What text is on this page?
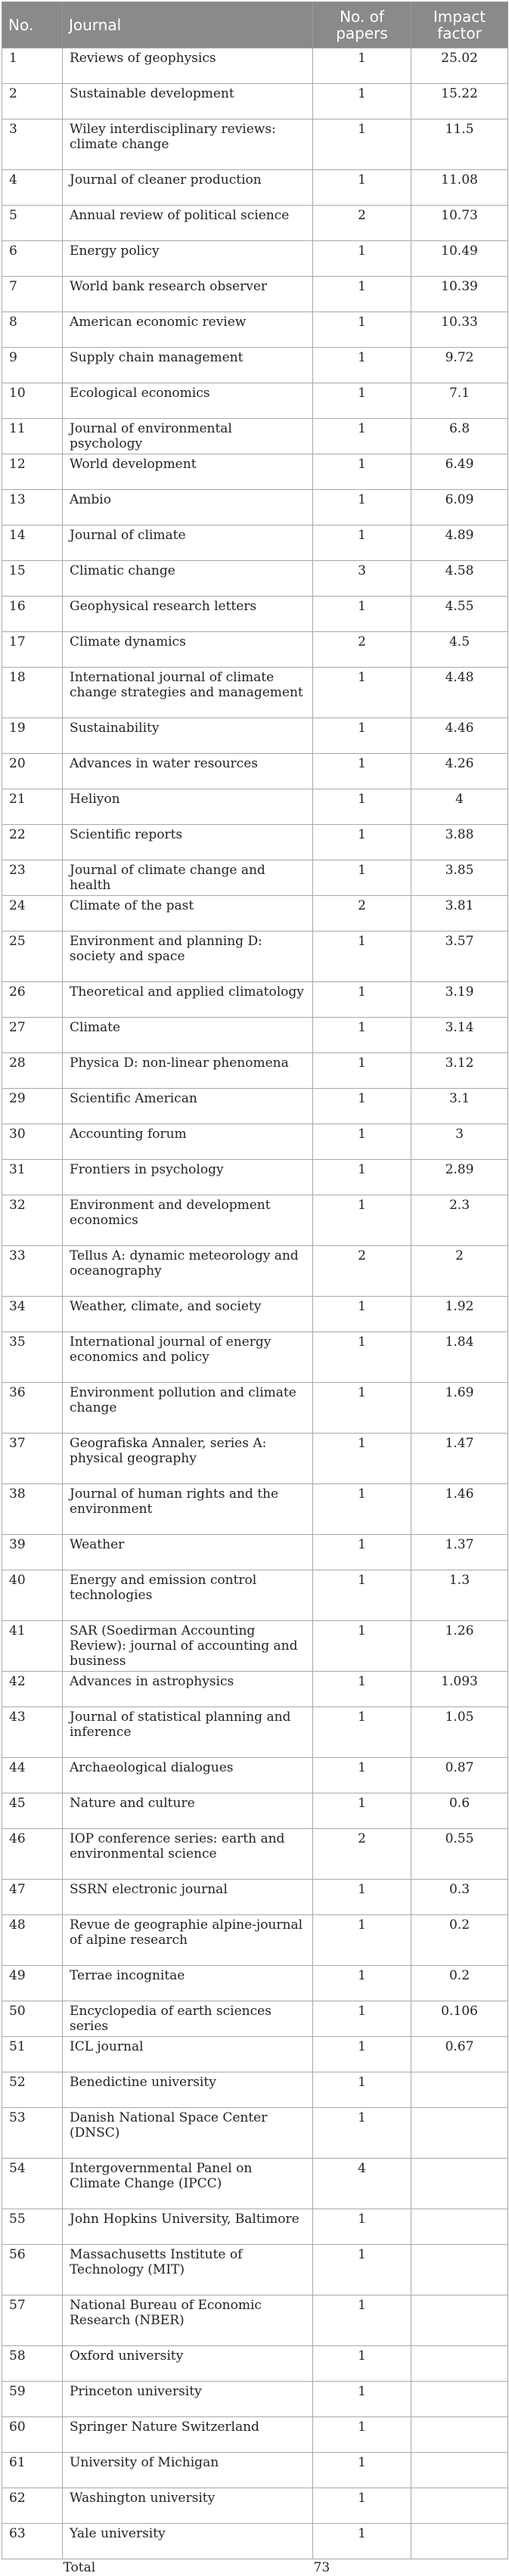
No.	Journal	No. of papers	Impact factor
1	Reviews of geophysics	1	25.02
2	Sustainable development	1	15.22
3	Wiley interdisciplinary reviews: climate change	1	11.5
4	Journal of cleaner production	1	11.08
5	Annual review of political science	2	10.73
6	Energy policy	1	10.49
7	World bank research observer	1	10.39
8	American economic review	1	10.33
9	Supply chain management	1	9.72
10	Ecological economics	1	7.1
11	Journal of environmental psychology	1	6.8
12	World development	1	6.49
13	Ambio	1	6.09
14	Journal of climate	1	4.89
15	Climatic change	3	4.58
16	Geophysical research letters	1	4.55
17	Climate dynamics	2	4.5
18	International journal of climate change strategies and management	1	4.48
19	Sustainability	1	4.46
20	Advances in water resources	1	4.26
21	Heliyon	1	4
22	Scientific reports	1	3.88
23	Journal of climate change and health	1	3.85
24	Climate of the past	2	3.81
25	Environment and planning D: society and space	1	3.57
26	Theoretical and applied climatology	1	3.19
27	Climate	1	3.14
28	Physica D: non-linear phenomena	1	3.12
29	Scientific American	1	3.1
30	Accounting forum	1	3
31	Frontiers in psychology	1	2.89
32	Environment and development economics	1	2.3
33	Tellus A: dynamic meteorology and oceanography	2	2
34	Weather, climate, and society	1	1.92
35	International journal of energy economics and policy	1	1.84
36	Environment pollution and climate change	1	1.69
37	Geografiska Annaler, series A: physical geography	1	1.47
38	Journal of human rights and the environment	1	1.46
39	Weather	1	1.37
40	Energy and emission control technologies	1	1.3
41	SAR (Soedirman Accounting Review): journal of accounting and business	1	1.26
42	Advances in astrophysics	1	1.093
43	Journal of statistical planning and inference	1	1.05
44	Archaeological dialogues	1	0.87
45	Nature and culture	1	0.6
46	IOP conference series: earth and environmental science	2	0.55
47	SSRN electronic journal	1	0.3
48	Revue de geographie alpine-journal of alpine research	1	0.2
49	Terrae incognitae	1	0.2
50	Encyclopedia of earth sciences series	1	0.106
51	ICL journal	1	0.67
52	Benedictine university	1	
53	Danish National Space Center (DNSC)	1	
54	Intergovernmental Panel on Climate Change (IPCC)	4	
55	John Hopkins University, Baltimore	1	
56	Massachusetts Institute of Technology (MIT)	1	
57	National Bureau of Economic Research (NBER)	1	
58	Oxford university	1	
59	Princeton university	1	
60	Springer Nature Switzerland	1	
61	University of Michigan	1	
62	Washington university	1	
63	Yale university	1	
	Total	73	
